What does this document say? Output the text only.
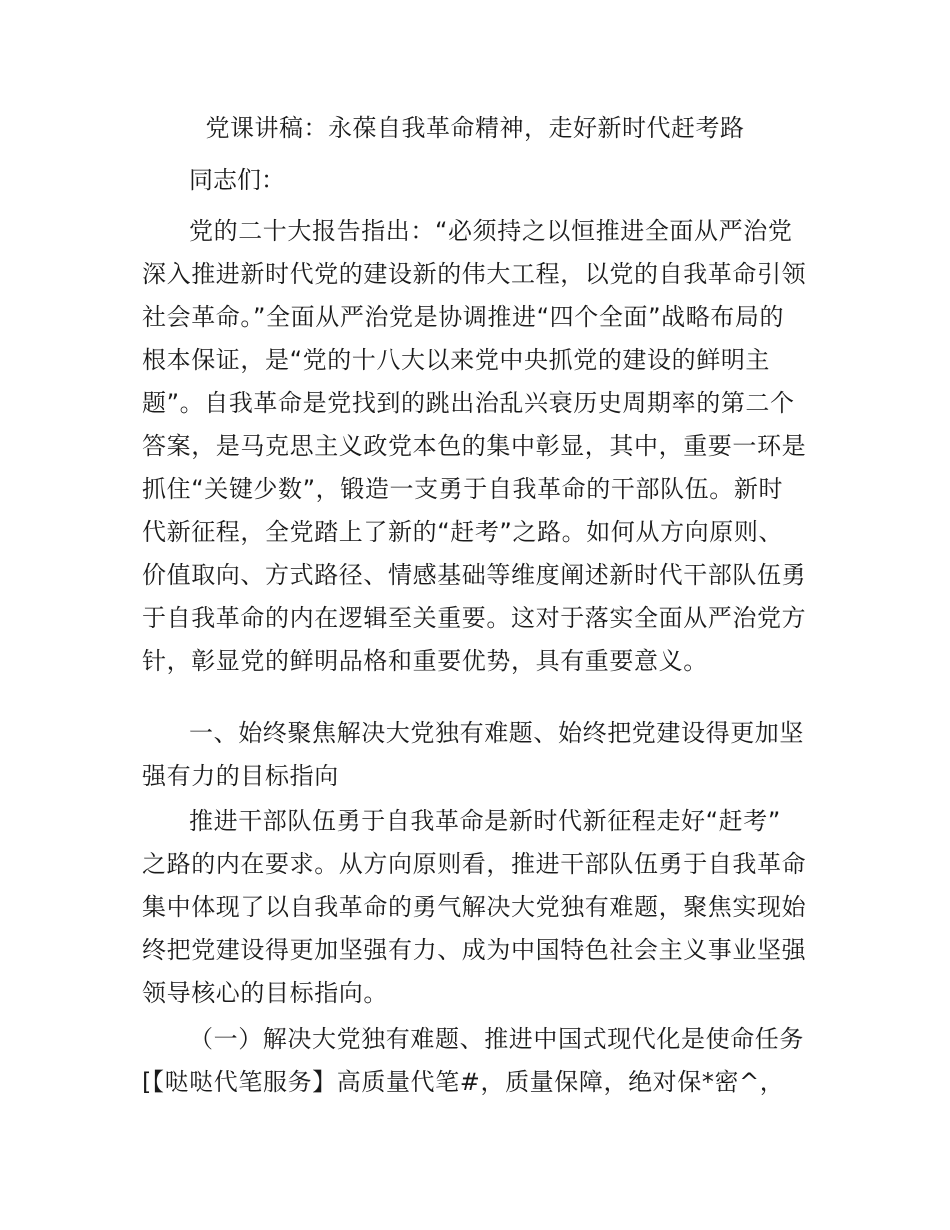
党课讲稿：永葆自我革命精神，走好新时代赶考路
同志们：
党的二十大报告指出：“必须持之以恒推进全面从严治党
深入推进新时代党的建设新的伟大工程，以党的自我革命引领
社会革命。”全面从严治党是协调推进“四个全面”战略布局的
根本保证，是“党的十八大以来党中央抓党的建设的鲜明主
题”。自我革命是党找到的跳出治乱兴衰历史周期率的第二个
答案，是马克思主义政党本色的集中彰显，其中，重要一环是
抓住“关键少数”，锻造一支勇于自我革命的干部队伍。新时
代新征程，全党踏上了新的“赶考”之路。如何从方向原则、
价值取向、方式路径、情感基础等维度阐述新时代干部队伍勇
于自我革命的内在逻辑至关重要。这对于落实全面从严治党方
针，彰显党的鲜明品格和重要优势，具有重要意义。
一、始终聚焦解决大党独有难题、始终把党建设得更加坚
强有力的目标指向
推进干部队伍勇于自我革命是新时代新征程走好“赶考”
之路的内在要求。从方向原则看，推进干部队伍勇于自我革命
集中体现了以自我革命的勇气解决大党独有难题，聚焦实现始
终把党建设得更加坚强有力、成为中国特色社会主义事业坚强
领导核心的目标指向。
（一）解决大党独有难题、推进中国式现代化是使命任务
[【哒哒代笔服务】高质量代笔#，质量保障，绝对保*密^，
